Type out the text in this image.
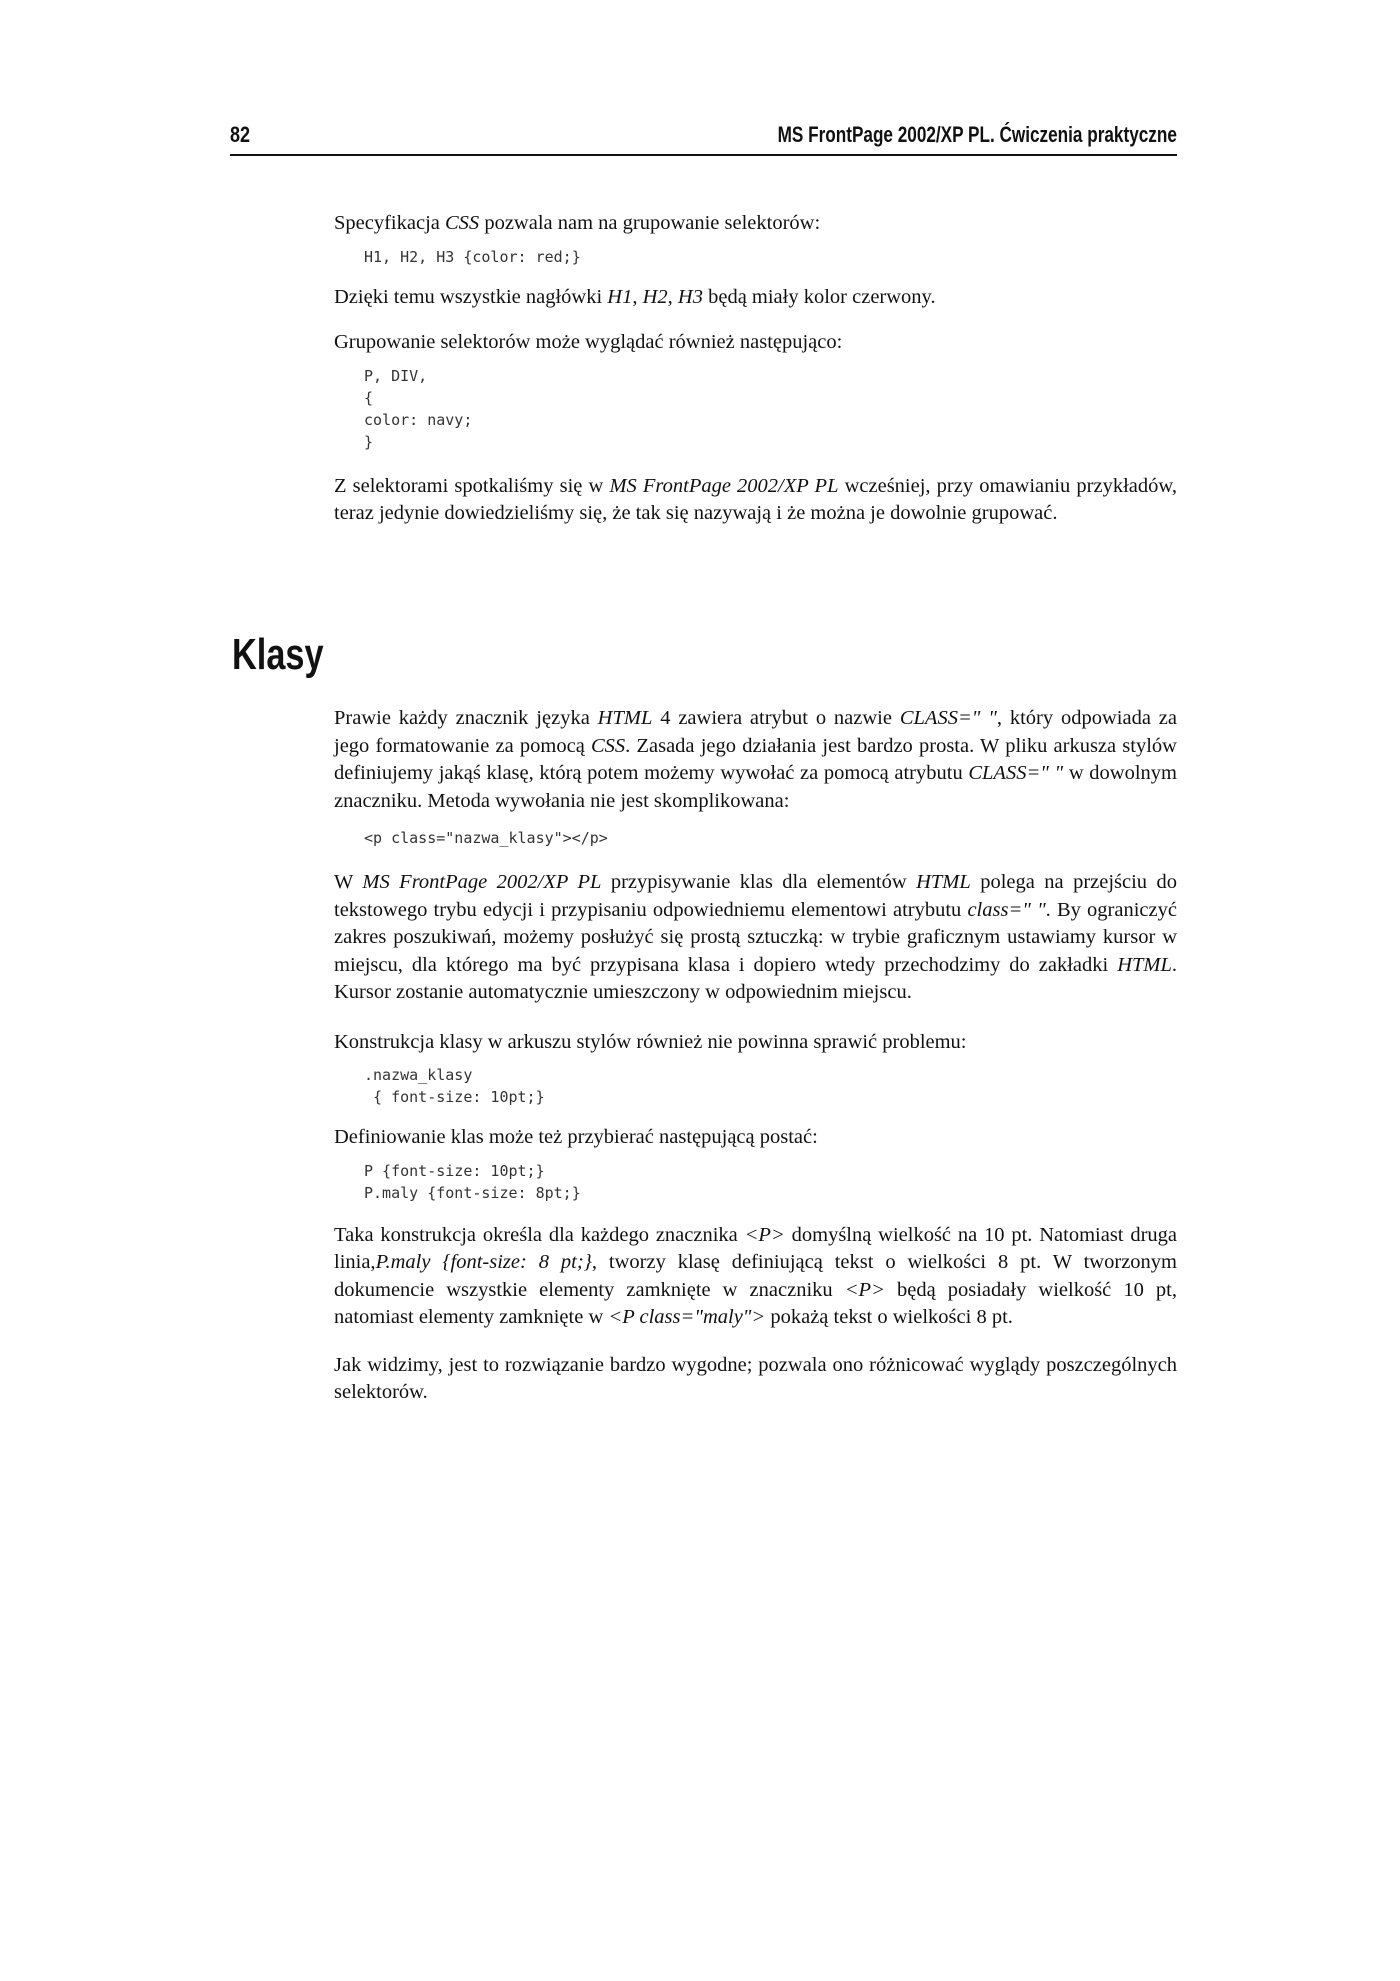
82	MS FrontPage 2002/XP PL. Ćwiczenia praktyczne

Specyfikacja CSS pozwala nam na grupowanie selektorów:

H1, H2, H3 {color: red;}

Dzięki temu wszystkie nagłówki H1, H2, H3 będą miały kolor czerwony.

Grupowanie selektorów może wyglądać również następująco:

P, DIV,
{
color: navy;
}

Z selektorami spotkaliśmy się w MS FrontPage 2002/XP PL wcześniej, przy omawianiu przykładów, teraz jedynie dowiedzieliśmy się, że tak się nazywają i że można je dowolnie grupować.

Klasy

Prawie każdy znacznik języka HTML 4 zawiera atrybut o nazwie CLASS=" ", który odpowiada za jego formatowanie za pomocą CSS. Zasada jego działania jest bardzo prosta. W pliku arkusza stylów definiujemy jakąś klasę, którą potem możemy wywołać za pomocą atrybutu CLASS=" " w dowolnym znaczniku. Metoda wywołania nie jest skomplikowana:

<p class="nazwa_klasy"></p>

W MS FrontPage 2002/XP PL przypisywanie klas dla elementów HTML polega na przejściu do tekstowego trybu edycji i przypisaniu odpowiedniemu elementowi atrybutu class=" ". By ograniczyć zakres poszukiwań, możemy posłużyć się prostą sztuczką: w trybie graficznym ustawiamy kursor w miejscu, dla którego ma być przypisana klasa i dopiero wtedy przechodzimy do zakładki HTML. Kursor zostanie automatycznie umieszczony w odpowiednim miejscu.

Konstrukcja klasy w arkuszu stylów również nie powinna sprawić problemu:

.nazwa_klasy
{ font-size: 10pt;}

Definiowanie klas może też przybierać następującą postać:

P {font-size: 10pt;}
P.maly {font-size: 8pt;}

Taka konstrukcja określa dla każdego znacznika <P> domyślną wielkość na 10 pt. Natomiast druga linia,P.maly {font-size: 8 pt;}, tworzy klasę definiującą tekst o wielkości 8 pt. W tworzonym dokumencie wszystkie elementy zamknięte w znaczniku <P> będą posiadały wielkość 10 pt, natomiast elementy zamknięte w <P class="maly"> pokażą tekst o wielkości 8 pt.

Jak widzimy, jest to rozwiązanie bardzo wygodne; pozwala ono różnicować wyglądy poszczególnych selektorów.
